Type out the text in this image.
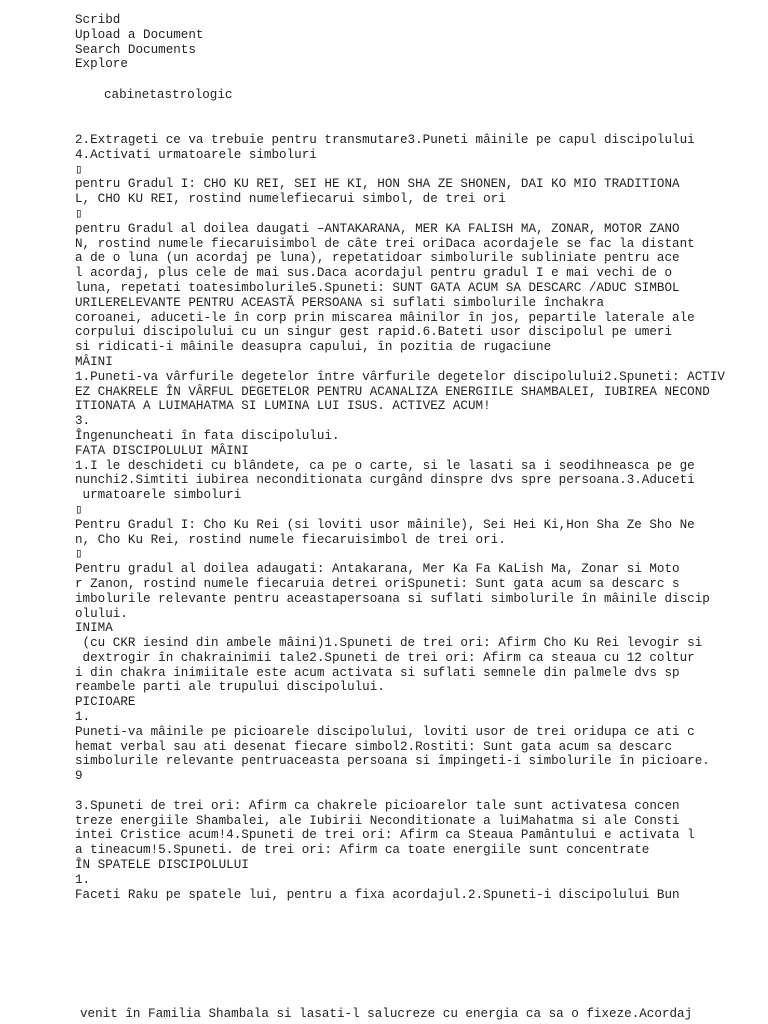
Scribd
Upload a Document
Search Documents
Explore
cabinetastrologic
2.Extrageti ce va trebuie pentru transmutare3.Puneti mâinile pe capul discipolului
4.Activati urmatoarele simboluri
▯
pentru Gradul I: CHO KU REI, SEI HE KI, HON SHA ZE SHONEN, DAI KO MIO TRADITIONA
L, CHO KU REI, rostind numelefiecarui simbol, de trei ori
▯
pentru Gradul al doilea daugati –ANTAKARANA, MER KA FALISH MA, ZONAR, MOTOR ZANO
N, rostind numele fiecaruisimbol de câte trei oriDaca acordajele se fac la distant
a de o luna (un acordaj pe luna), repetatidoar simbolurile subliniate pentru ace
l acordaj, plus cele de mai sus.Daca acordajul pentru gradul I e mai vechi de o
luna, repetati toatesimbolurile5.Spuneti: SUNT GATA ACUM SA DESCARC /ADUC SIMBOL
URILERELEVANTE PENTRU ACEASTĂ PERSOANA si suflati simbolurile închakra
coroanei, aduceti-le în corp prin miscarea mâinilor în jos, pepartile laterale ale
corpului discipolului cu un singur gest rapid.6.Bateti usor discipolul pe umeri
si ridicati-i mâinile deasupra capului, în pozitia de rugaciune
MÂINI
1.Puneti-va vârfurile degetelor între vârfurile degetelor discipolului2.Spuneti: ACTIV
EZ CHAKRELE ÎN VÂRFUL DEGETELOR PENTRU ACANALIZA ENERGIILE SHAMBALEI, IUBIREA NECOND
ITIONATA A LUIMAHATMA SI LUMINA LUI ISUS. ACTIVEZ ACUM!
3.
Îngenuncheati în fata discipolului.
FATA DISCIPOLULUI MÂINI
1.I le deschideti cu blândete, ca pe o carte, si le lasati sa i seodihneasca pe ge
nunchi2.Simtiti iubirea neconditionata curgând dinspre dvs spre persoana.3.Aduceti
urmatoarele simboluri
▯
Pentru Gradul I: Cho Ku Rei (si loviti usor mâinile), Sei Hei Ki,Hon Sha Ze Sho Ne
n, Cho Ku Rei, rostind numele fiecaruisimbol de trei ori.
▯
Pentru gradul al doilea adaugati: Antakarana, Mer Ka Fa KaLish Ma, Zonar si Moto
r Zanon, rostind numele fiecaruia detrei oriSpuneti: Sunt gata acum sa descarc s
imbolurile relevante pentru aceastapersoana si suflati simbolurile în mâinile discip
olului.
INIMA
(cu CKR iesind din ambele mâini)1.Spuneti de trei ori: Afirm Cho Ku Rei levogir si
dextrogir în chakrainimii tale2.Spuneti de trei ori: Afirm ca steaua cu 12 coltur
i din chakra inimiitale este acum activata si suflati semnele din palmele dvs sp
reambele parti ale trupului discipolului.
PICIOARE
1.
Puneti-va mâinile pe picioarele discipolului, loviti usor de trei oridupa ce ati c
hemat verbal sau ati desenat fiecare simbol2.Rostiti: Sunt gata acum sa descarc
simbolurile relevante pentruaceasta persoana si împingeti-i simbolurile în picioare.
9

3.Spuneti de trei ori: Afirm ca chakrele picioarelor tale sunt activatesa concen
treze energiile Shambalei, ale Iubirii Neconditionate a luiMahatma si ale Consti
intei Cristice acum!4.Spuneti de trei ori: Afirm ca Steaua Pamântului e activata l
a tineacum!5.Spuneti. de trei ori: Afirm ca toate energiile sunt concentrate
ÎN SPATELE DISCIPOLULUI
1.
Faceti Raku pe spatele lui, pentru a fixa acordajul.2.Spuneti-i discipolului Bun
venit în Familia Shambala si lasati-l salucreze cu energia ca sa o fixeze.Acordaj
